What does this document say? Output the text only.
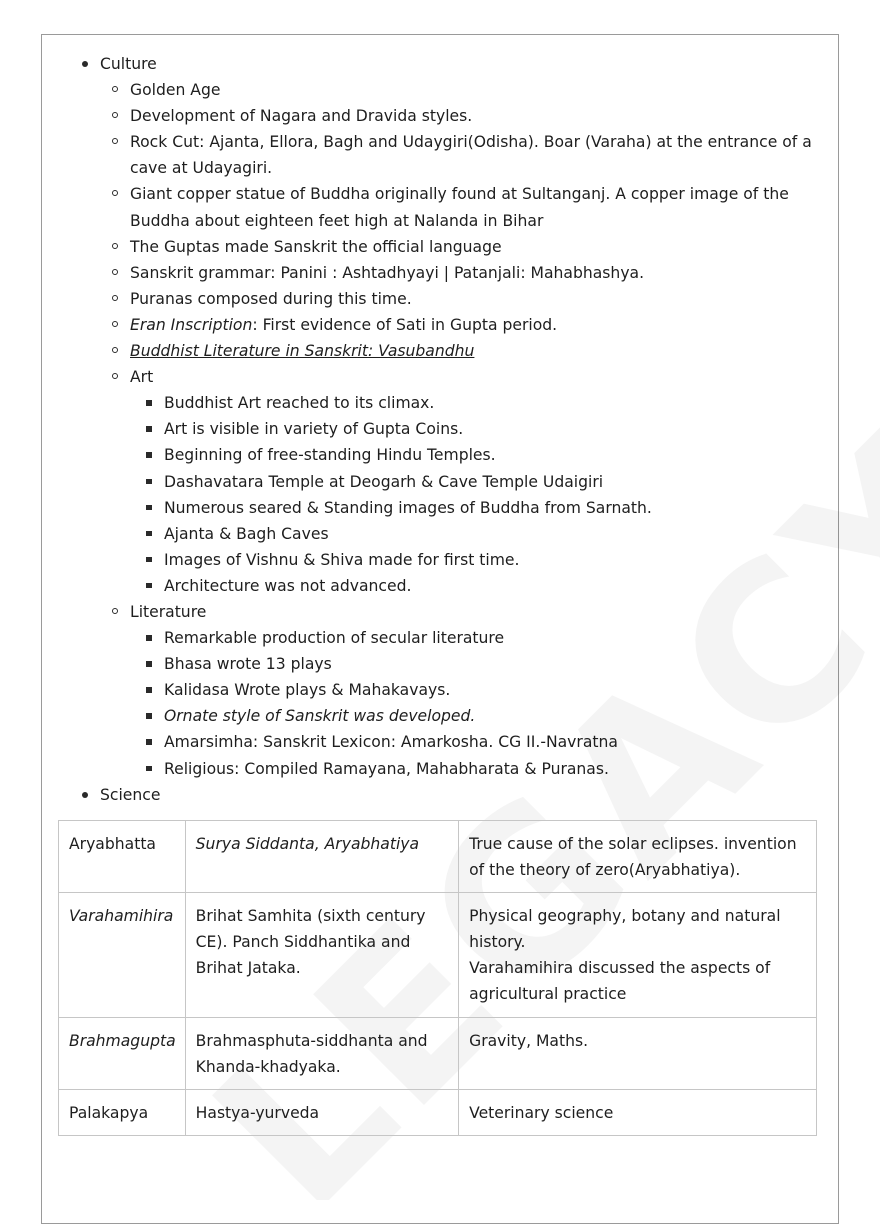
Culture
Golden Age
Development of Nagara and Dravida styles.
Rock Cut: Ajanta, Ellora, Bagh and Udaygiri(Odisha). Boar (Varaha) at the entrance of a cave at Udayagiri.
Giant copper statue of Buddha originally found at Sultanganj. A copper image of the Buddha about eighteen feet high at Nalanda in Bihar
The Guptas made Sanskrit the official language
Sanskrit grammar: Panini : Ashtadhyayi | Patanjali: Mahabhashya.
Puranas composed during this time.
Eran Inscription: First evidence of Sati in Gupta period.
Buddhist Literature in Sanskrit: Vasubandhu
Art
Buddhist Art reached to its climax.
Art is visible in variety of Gupta Coins.
Beginning of free-standing Hindu Temples.
Dashavatara Temple at Deogarh & Cave Temple Udaigiri
Numerous seared & Standing images of Buddha from Sarnath.
Ajanta & Bagh Caves
Images of Vishnu & Shiva made for first time.
Architecture was not advanced.
Literature
Remarkable production of secular literature
Bhasa wrote 13 plays
Kalidasa Wrote plays & Mahakavays.
Ornate style of Sanskrit was developed.
Amarsimha: Sanskrit Lexicon: Amarkosha. CG II.-Navratna
Religious: Compiled Ramayana, Mahabharata & Puranas.
Science
Aryabhatta	Surya Siddanta, Aryabhatiya	True cause of the solar eclipses. invention of the theory of zero(Aryabhatiya).
Varahamihira	Brihat Samhita (sixth century CE). Panch Siddhantika and Brihat Jataka.	Physical geography, botany and natural history.
Varahamihira discussed the aspects of agricultural practice

Brahmagupta	Brahmasphuta-siddhanta and Khanda-khadyaka.	Gravity, Maths.
Palakapya	Hastya-yurveda	Veterinary science
